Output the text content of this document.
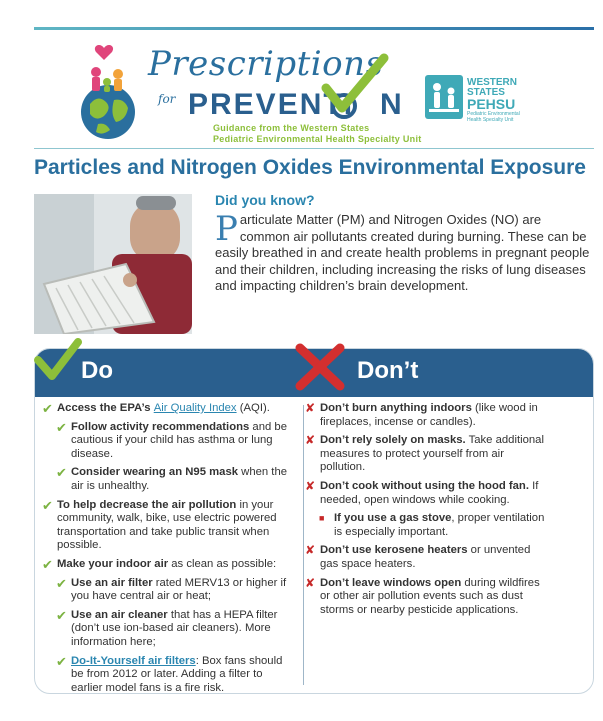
Prescriptions
for PREVENTI N
Guidance from the Western States
Pediatric Environmental Health Specialty Unit
WESTERN
STATES
PEHSU
Pediatric Environmental Health Specialty Unit
Particles and Nitrogen Oxides Environmental Exposure
Did you know?

Particulate Matter (PM) and Nitrogen Oxides (NO) are common air pollutants created during burning. These can be easily breathed in and create health problems in pregnant people and their children, including increasing the risks of lung diseases and impacting children’s brain development.

Do	Don’t
✔ Access the EPA’s Air Quality Index (AQI).
✔ Follow activity recommendations and be cautious if your child has asthma or lung disease.
✔ Consider wearing an N95 mask when the air is unhealthy.
✔ To help decrease the air pollution in your community, walk, bike, use electric powered transportation and take public transit when possible.
✔ Make your indoor air as clean as possible:
✔ Use an air filter rated MERV13 or higher if you have central air or heat;
✔ Use an air cleaner that has a HEPA filter (don’t use ion-based air cleaners). More information here;
✔ Do-It-Yourself air filters: Box fans should be from 2012 or later. Adding a filter to earlier model fans is a fire risk.
✘ Don’t burn anything indoors (like wood in fireplaces, incense or candles).
✘ Don’t rely solely on masks. Take additional measures to protect yourself from air pollution.
✘ Don’t cook without using the hood fan. If needed, open windows while cooking.
■ If you use a gas stove, proper ventilation is especially important.
✘ Don’t use kerosene heaters or unvented gas space heaters.
✘ Don’t leave windows open during wildfires or other air pollution events such as dust storms or nearby pesticide applications.
